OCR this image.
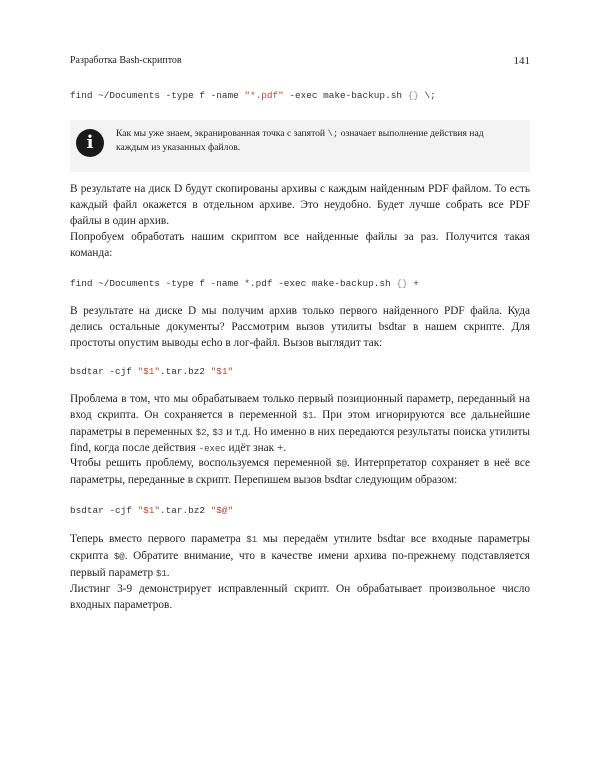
Разработка Bash-скриптов	141
find ~/Documents -type f -name "*.pdf" -exec make-backup.sh {} \;
i	Как мы уже знаем, экранированная точка с запятой \; означает выполнение действия над каждым из указанных файлов.
В результате на диск D будут скопированы архивы с каждым найденным PDF файлом. То есть каждый файл окажется в отдельном архиве. Это неудобно. Будет лучше собрать все PDF файлы в один архив.
Попробуем обработать нашим скриптом все найденные файлы за раз. Получится такая команда:
find ~/Documents -type f -name *.pdf -exec make-backup.sh {} +
В результате на диске D мы получим архив только первого найденного PDF файла. Куда делись остальные документы? Рассмотрим вызов утилиты bsdtar в нашем скрипте. Для простоты опустим выводы echo в лог-файл. Вызов выглядит так:
bsdtar -cjf "$1".tar.bz2 "$1"
Проблема в том, что мы обрабатываем только первый позиционный параметр, переданный на вход скрипта. Он сохраняется в переменной $1. При этом игнорируются все дальнейшие параметры в переменных $2, $3 и т.д. Но именно в них передаются результаты поиска утилиты find, когда после действия -exec идёт знак +.
Чтобы решить проблему, воспользуемся переменной $@. Интерпретатор сохраняет в неё все параметры, переданные в скрипт. Перепишем вызов bsdtar следующим образом:
bsdtar -cjf "$1".tar.bz2 "$@"
Теперь вместо первого параметра $1 мы передаём утилите bsdtar все входные параметры скрипта $@. Обратите внимание, что в качестве имени архива по-прежнему подставляется первый параметр $1.
Листинг 3-9 демонстрирует исправленный скрипт. Он обрабатывает произвольное число входных параметров.
